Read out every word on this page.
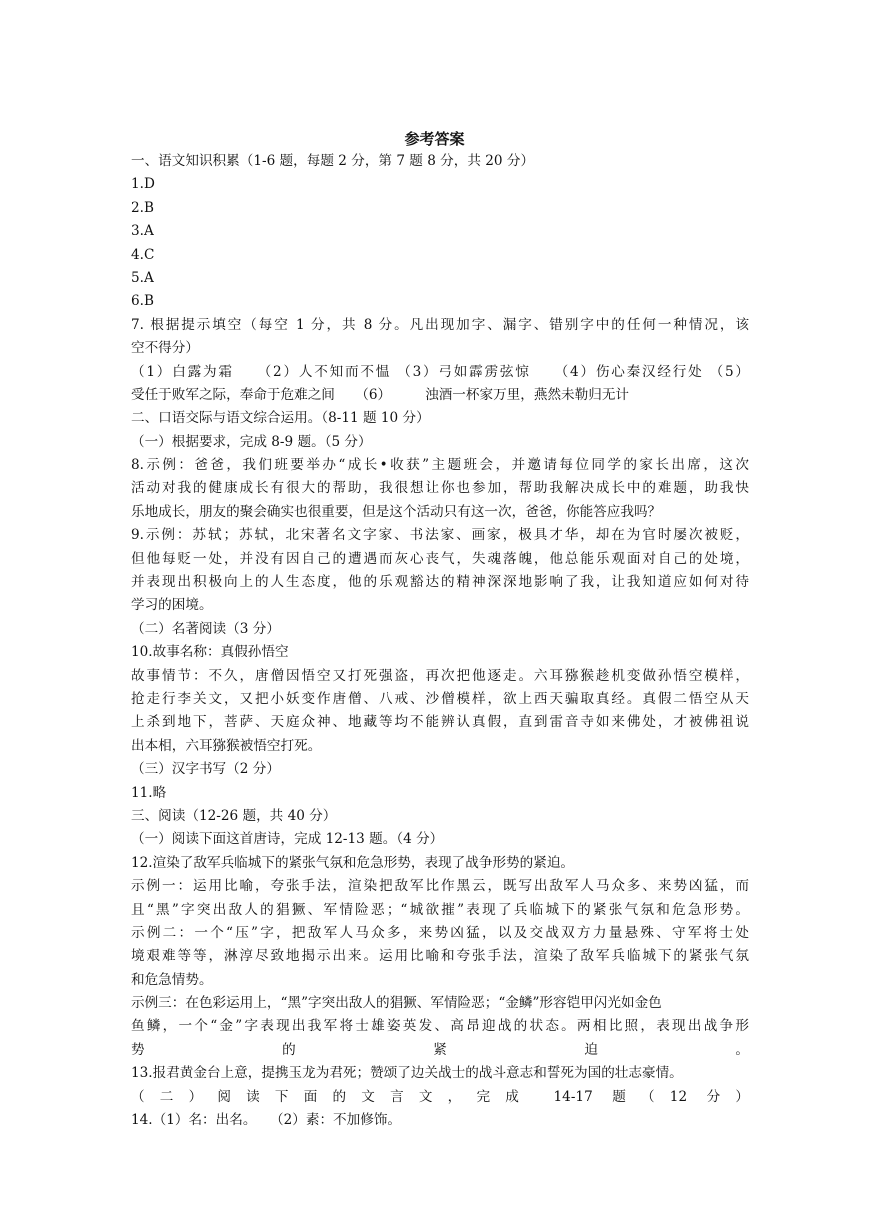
参考答案
一、语文知识积累（1-6 题，每题 2 分，第 7 题 8 分，共 20 分）
1.D
2.B
3.A
4.C
5.A
6.B
7. 根据提示填空（每空 1 分，共 8 分。凡出现加字、漏字、错别字中的任何一种情况，该
空不得分）
（1）白露为霜　　（2）人不知而不愠 （3）弓如霹雳弦惊　　（4）伤心秦汉经行处 （5）
受任于败军之际，奉命于危难之间　　（6）　　　浊酒一杯家万里，燕然未勒归无计
二、口语交际与语文综合运用。（8-11 题 10 分）
（一）根据要求，完成 8-9 题。（5 分）
8.示例：爸爸，我们班要举办“成长•收获”主题班会，并邀请每位同学的家长出席，这次
活动对我的健康成长有很大的帮助，我很想让你也参加，帮助我解决成长中的难题，助我快
乐地成长，朋友的聚会确实也很重要，但是这个活动只有这一次，爸爸，你能答应我吗？
9.示例：苏轼；苏轼，北宋著名文字家、书法家、画家，极具才华，却在为官时屡次被贬，
但他每贬一处，并没有因自己的遭遇而灰心丧气，失魂落魄，他总能乐观面对自己的处境，
并表现出积极向上的人生态度，他的乐观豁达的精神深深地影响了我，让我知道应如何对待
学习的困境。
（二）名著阅读（3 分）
10.故事名称：真假孙悟空
故事情节：不久，唐僧因悟空又打死强盗，再次把他逐走。六耳猕猴趁机变做孙悟空模样，
抢走行李关文，又把小妖变作唐僧、八戒、沙僧模样，欲上西天骗取真经。真假二悟空从天
上杀到地下，菩萨、天庭众神、地藏等均不能辨认真假，直到雷音寺如来佛处，才被佛祖说
出本相，六耳猕猴被悟空打死。
（三）汉字书写（2 分）
11.略
三、阅读（12-26 题，共 40 分）
（一）阅读下面这首唐诗，完成 12-13 题。（4 分）
12.渲染了敌军兵临城下的紧张气氛和危急形势，表现了战争形势的紧迫。
示例一：运用比喻，夸张手法，渲染把敌军比作黑云，既写出敌军人马众多、来势凶猛，而
且“黑”字突出敌人的猖獗、军情险恶；“城欲摧”表现了兵临城下的紧张气氛和危急形势。
示例二：一个“压”字，把敌军人马众多，来势凶猛，以及交战双方力量悬殊、守军将士处
境艰难等等，淋淳尽致地揭示出来。运用比喻和夸张手法，渲染了敌军兵临城下的紧张气氛
和危急情势。
示例三：在色彩运用上，“黑”字突出敌人的猖獗、军情险恶；“金鳞”形容铠甲闪光如金色
鱼鳞，一个“金”字表现出我军将士雄姿英发、高昂迎战的状态。两相比照，表现出战争形
势的紧迫。
13.报君黄金台上意，提携玉龙为君死；赞颂了边关战士的战斗意志和誓死为国的壮志豪情。
（二）阅读下面的文言文，完成 14-17 题（12 分）
14.（1）名：出名。　　（2）素：不加修饰。
